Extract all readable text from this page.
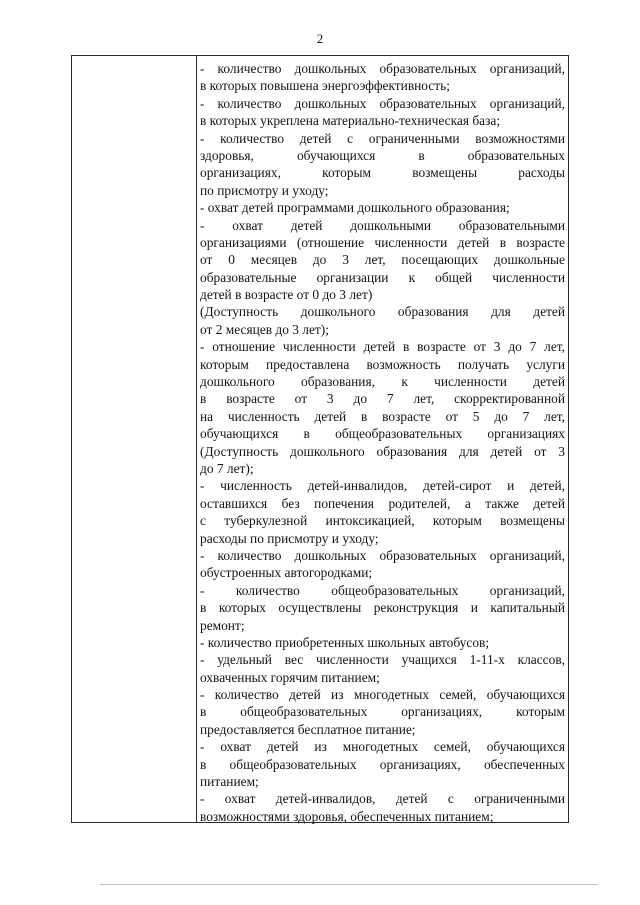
2
- количество дошкольных образовательных организаций,
в которых повышена энергоэффективность;
- количество дошкольных образовательных организаций,
в которых укреплена материально-техническая база;
- количество детей с ограниченными возможностями
здоровья, обучающихся в образовательных
организациях, которым возмещены расходы
по присмотру и уходу;
- охват детей программами дошкольного образования;
- охват детей дошкольными образовательными
организациями (отношение численности детей в возрасте
от 0 месяцев до 3 лет, посещающих дошкольные
образовательные организации к общей численности
детей в возрасте от 0 до 3 лет)
(Доступность дошкольного образования для детей
от 2 месяцев до 3 лет);
- отношение численности детей в возрасте от 3 до 7 лет,
которым предоставлена возможность получать услуги
дошкольного образования, к численности детей
в возрасте от 3 до 7 лет, скорректированной
на численность детей в возрасте от 5 до 7 лет,
обучающихся в общеобразовательных организациях
(Доступность дошкольного образования для детей от 3
до 7 лет);
- численность детей-инвалидов, детей-сирот и детей,
оставшихся без попечения родителей, а также детей
с туберкулезной интоксикацией, которым возмещены
расходы по присмотру и уходу;
- количество дошкольных образовательных организаций,
обустроенных автогородками;
- количество общеобразовательных организаций,
в которых осуществлены реконструкция и капитальный
ремонт;
- количество приобретенных школьных автобусов;
- удельный вес численности учащихся 1-11-х классов,
охваченных горячим питанием;
- количество детей из многодетных семей, обучающихся
в общеобразовательных организациях, которым
предоставляется бесплатное питание;
- охват детей из многодетных семей, обучающихся
в общеобразовательных организациях, обеспеченных
питанием;
- охват детей-инвалидов, детей с ограниченными
возможностями здоровья, обеспеченных питанием;
